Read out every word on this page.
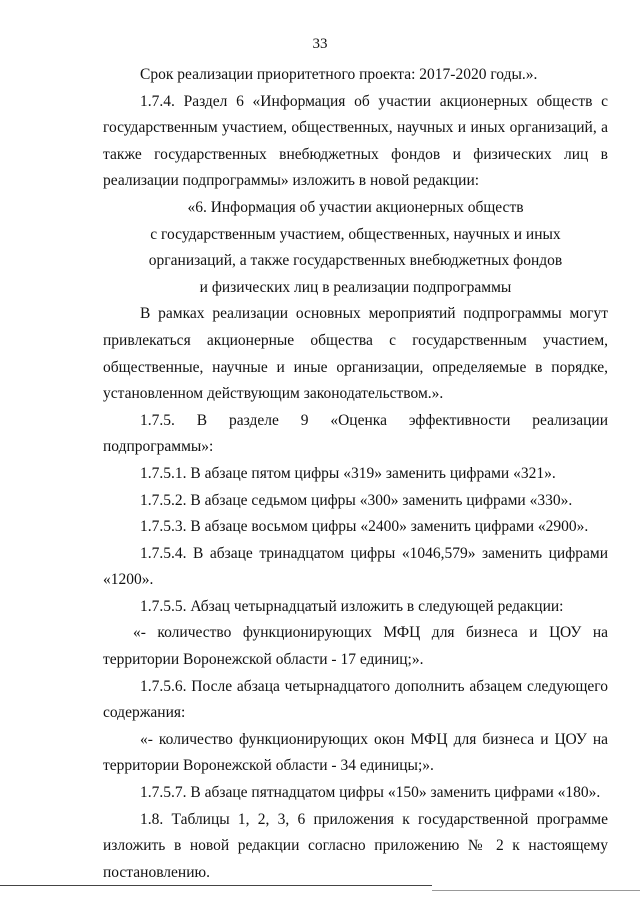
33

Срок реализации приоритетного проекта: 2017-2020 годы.».

1.7.4. Раздел 6 «Информация об участии акционерных обществ с государственным участием, общественных, научных и иных организаций, а также государственных внебюджетных фондов и физических лиц в реализации подпрограммы» изложить в новой редакции:

«6. Информация об участии акционерных обществ

с государственным участием, общественных, научных и иных

организаций, а также государственных внебюджетных фондов

и физических лиц в реализации подпрограммы

В рамках реализации основных мероприятий подпрограммы могут привлекаться акционерные общества с государственным участием, общественные, научные и иные организации, определяемые в порядке, установленном действующим законодательством.».

1.7.5. В разделе 9 «Оценка эффективности реализации подпрограммы»:

1.7.5.1. В абзаце пятом цифры «319» заменить цифрами «321».

1.7.5.2. В абзаце седьмом цифры «300» заменить цифрами «330».

1.7.5.3. В абзаце восьмом цифры «2400» заменить цифрами «2900».

1.7.5.4. В абзаце тринадцатом цифры «1046,579» заменить цифрами «1200».

1.7.5.5. Абзац четырнадцатый изложить в следующей редакции:

«- количество функционирующих МФЦ для бизнеса и ЦОУ на территории Воронежской области - 17 единиц;».

1.7.5.6. После абзаца четырнадцатого дополнить абзацем следующего содержания:

«- количество функционирующих окон МФЦ для бизнеса и ЦОУ на территории Воронежской области - 34 единицы;».

1.7.5.7. В абзаце пятнадцатом цифры «150» заменить цифрами «180».

1.8. Таблицы 1, 2, 3, 6 приложения к государственной программе изложить в новой редакции согласно приложению № 2 к настоящему постановлению.
